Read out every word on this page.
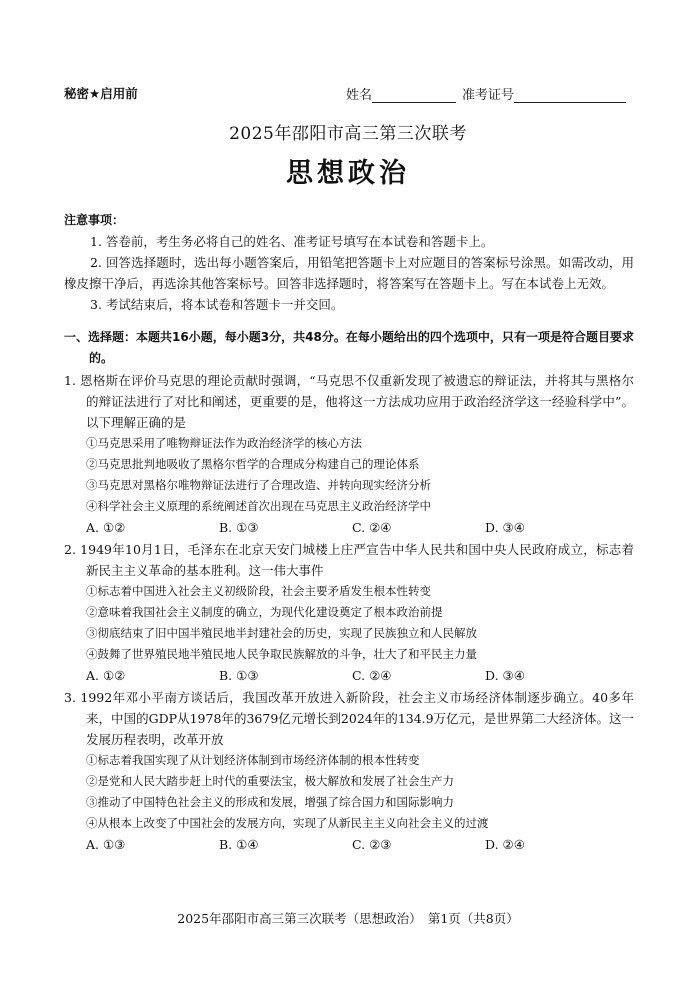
秘密★启用前	姓名	准考证号
2025年邵阳市高三第三次联考
思想政治
注意事项：
1. 答卷前，考生务必将自己的姓名、准考证号填写在本试卷和答题卡上。
2. 回答选择题时，选出每小题答案后，用铅笔把答题卡上对应题目的答案标号涂黑。如需改动，用橡皮擦干净后，再选涂其他答案标号。回答非选择题时，将答案写在答题卡上。写在本试卷上无效。
3. 考试结束后，将本试卷和答题卡一并交回。
一、选择题：本题共16小题，每小题3分，共48分。在每小题给出的四个选项中，只有一项是符合题目要求的。
1. 恩格斯在评价马克思的理论贡献时强调，“马克思不仅重新发现了被遗忘的辩证法，并将其与黑格尔的辩证法进行了对比和阐述，更重要的是，他将这一方法成功应用于政治经济学这一经验科学中”。以下理解正确的是
①马克思采用了唯物辩证法作为政治经济学的核心方法
②马克思批判地吸收了黑格尔哲学的合理成分构建自己的理论体系
③马克思对黑格尔唯物辩证法进行了合理改造、并转向现实经济分析
④科学社会主义原理的系统阐述首次出现在马克思主义政治经济学中
A. ①②	B. ①③	C. ②④	D. ③④
2. 1949年10月1日，毛泽东在北京天安门城楼上庄严宣告中华人民共和国中央人民政府成立，标志着新民主主义革命的基本胜利。这一伟大事件
①标志着中国进入社会主义初级阶段，社会主要矛盾发生根本性转变
②意味着我国社会主义制度的确立，为现代化建设奠定了根本政治前提
③彻底结束了旧中国半殖民地半封建社会的历史，实现了民族独立和人民解放
④鼓舞了世界殖民地半殖民地人民争取民族解放的斗争，壮大了和平民主力量
A. ①②	B. ①③	C. ②④	D. ③④
3. 1992年邓小平南方谈话后，我国改革开放进入新阶段，社会主义市场经济体制逐步确立。40多年来，中国的GDP从1978年的3679亿元增长到2024年的134.9万亿元，是世界第二大经济体。这一发展历程表明，改革开放
①标志着我国实现了从计划经济体制到市场经济体制的根本性转变
②是党和人民大踏步赶上时代的重要法宝，极大解放和发展了社会生产力
③推动了中国特色社会主义的形成和发展，增强了综合国力和国际影响力
④从根本上改变了中国社会的发展方向，实现了从新民主主义向社会主义的过渡
A. ①③	B. ①④	C. ②③	D. ②④
2025年邵阳市高三第三次联考（思想政治）　第1页（共8页）
